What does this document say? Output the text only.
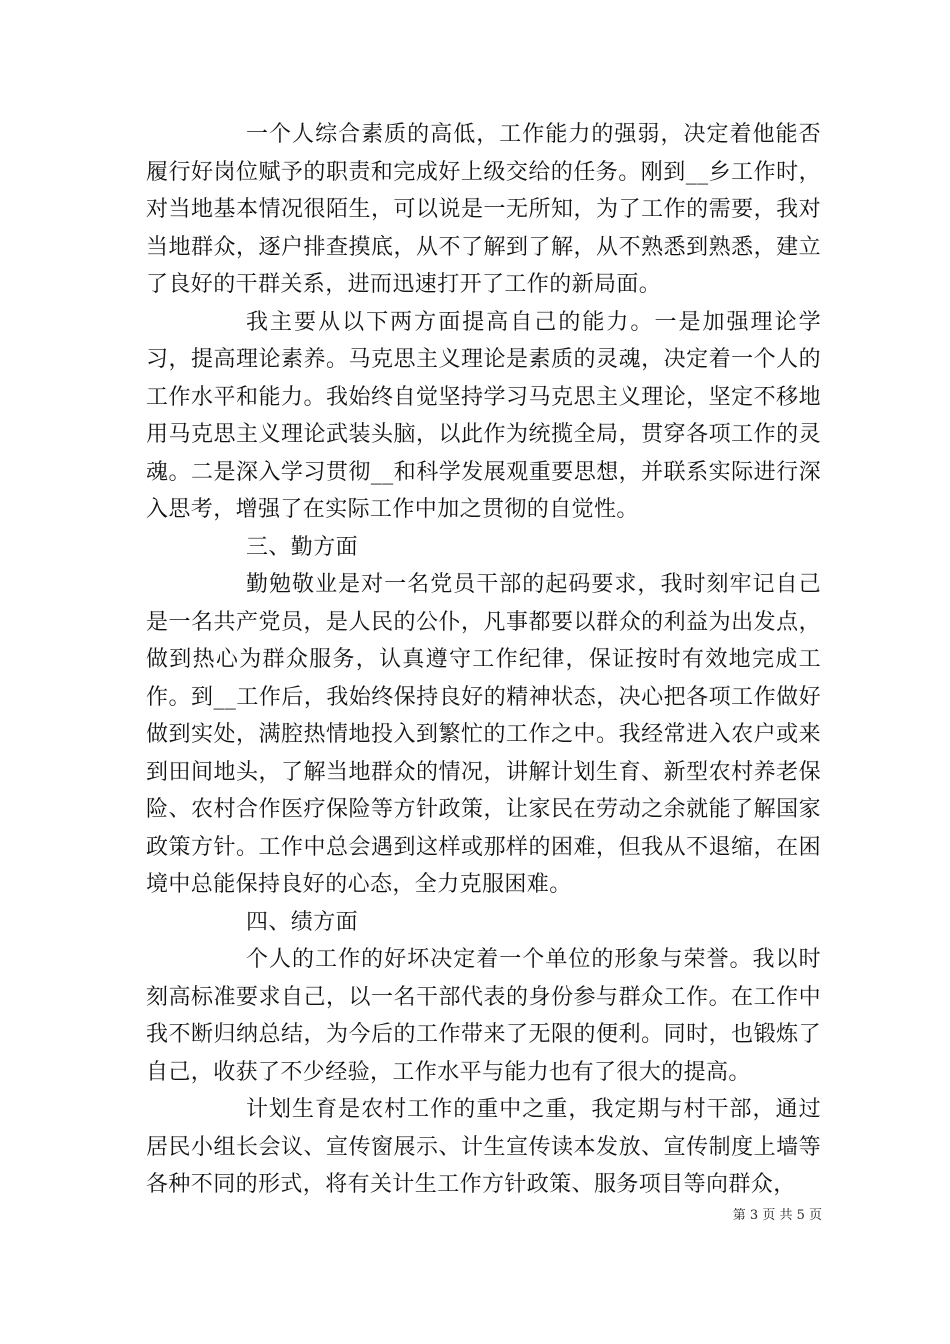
一个人综合素质的高低，工作能力的强弱，决定着他能否履行好岗位赋予的职责和完成好上级交给的任务。刚到__乡工作时，对当地基本情况很陌生，可以说是一无所知，为了工作的需要，我对当地群众，逐户排查摸底，从不了解到了解，从不熟悉到熟悉，建立了良好的干群关系，进而迅速打开了工作的新局面。

我主要从以下两方面提高自己的能力。一是加强理论学习，提高理论素养。马克思主义理论是素质的灵魂，决定着一个人的工作水平和能力。我始终自觉坚持学习马克思主义理论，坚定不移地用马克思主义理论武装头脑，以此作为统揽全局，贯穿各项工作的灵魂。二是深入学习贯彻__和科学发展观重要思想，并联系实际进行深入思考，增强了在实际工作中加之贯彻的自觉性。

三、勤方面

勤勉敬业是对一名党员干部的起码要求，我时刻牢记自己是一名共产党员，是人民的公仆，凡事都要以群众的利益为出发点，做到热心为群众服务，认真遵守工作纪律，保证按时有效地完成工作。到__工作后，我始终保持良好的精神状态，决心把各项工作做好做到实处，满腔热情地投入到繁忙的工作之中。我经常进入农户或来到田间地头，了解当地群众的情况，讲解计划生育、新型农村养老保险、农村合作医疗保险等方针政策，让家民在劳动之余就能了解国家政策方针。工作中总会遇到这样或那样的困难，但我从不退缩，在困境中总能保持良好的心态，全力克服困难。

四、绩方面

个人的工作的好坏决定着一个单位的形象与荣誉。我以时刻高标准要求自己，以一名干部代表的身份参与群众工作。在工作中我不断归纳总结，为今后的工作带来了无限的便利。同时，也锻炼了自己，收获了不少经验，工作水平与能力也有了很大的提高。

计划生育是农村工作的重中之重，我定期与村干部，通过居民小组长会议、宣传窗展示、计生宣传读本发放、宣传制度上墙等各种不同的形式，将有关计生工作方针政策、服务项目等向群众，

第 3 页 共 5 页
